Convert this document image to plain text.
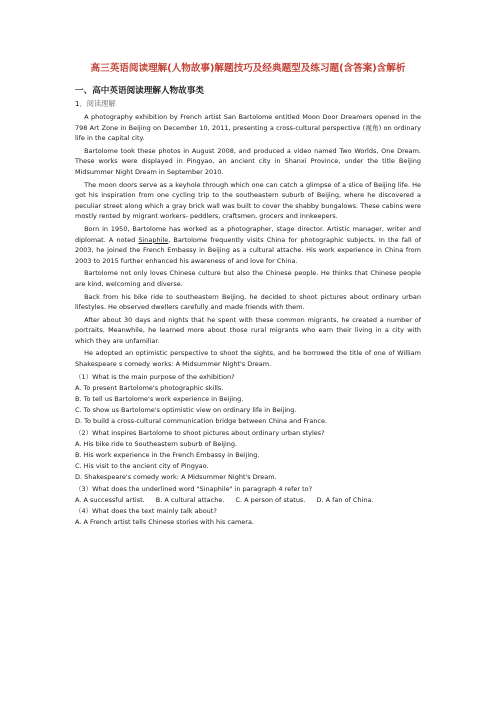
高三英语阅读理解(人物故事)解题技巧及经典题型及练习题(含答案)含解析
一、高中英语阅读理解人物故事类
1．阅读理解

A photography exhibition by French artist San Bartolome entitled Moon Door Dreamers opened in the 798 Art Zone in Beijing on December 10, 2011, presenting a cross-cultural perspective (视角) on ordinary life in the capital city.

Bartolome took these photos in August 2008, and produced a video named Two Worlds, One Dream. These works were displayed in Pingyao, an ancient city in Shanxi Province, under the title Beijing Midsummer Night Dream in September 2010.

The moon doors serve as a keyhole through which one can catch a glimpse of a slice of Beijing life. He got his inspiration from one cycling trip to the southeastern suburb of Beijing, where he discovered a peculiar street along which a gray brick wall was built to cover the shabby bungalows. These cabins were mostly rented by migrant workers- peddlers, craftsmen, grocers and innkeepers.

Born in 1950, Bartolome has worked as a photographer, stage director. Artistic manager, writer and diplomat. A noted Sinaphile, Bartolome frequently visits China for photographic subjects. In the fall of 2003, he joined the French Embassy in Beijing as a cultural attache. His work experience in China from 2003 to 2015 further enhanced his awareness of and love for China.

Bartolome not only loves Chinese culture but also the Chinese people. He thinks that Chinese people are kind, welcoming and diverse.

Back from his bike ride to southeastern Beijing, he decided to shoot pictures about ordinary urban lifestyles. He observed dwellers carefully and made friends with them.

After about 30 days and nights that he spent with these common migrants, he created a number of portraits. Meanwhile, he learned more about those rural migrants who earn their living in a city with which they are unfamiliar.

He adopted an optimistic perspective to shoot the sights, and he borrowed the title of one of William Shakespeare s comedy works: A Midsummer Night's Dream.

（1）What is the main purpose of the exhibition?
A. To present Bartolome's photographic skills.
B. To tell us Bartolome's work experience in Beijing.
C. To show us Bartolome's optimistic view on ordinary life in Beijing.
D. To build a cross-cultural communication bridge between China and France.
（2）What inspires Bartolome to shoot pictures about ordinary urban styles?
A. His bike ride to Southeastern suburb of Beijing.
B. His work experience in the French Embassy in Beijing.
C. His visit to the ancient city of Pingyao.
D. Shakespeare's comedy work: A Midsummer Night's Dream.
（3）What does the underlined word "Sinaphile" in paragraph 4 refer to?
A. A successful artist. B. A cultural attache. C. A person of status. D. A fan of China.
（4）What does the text mainly talk about?
A. A French artist tells Chinese stories with his camera.
